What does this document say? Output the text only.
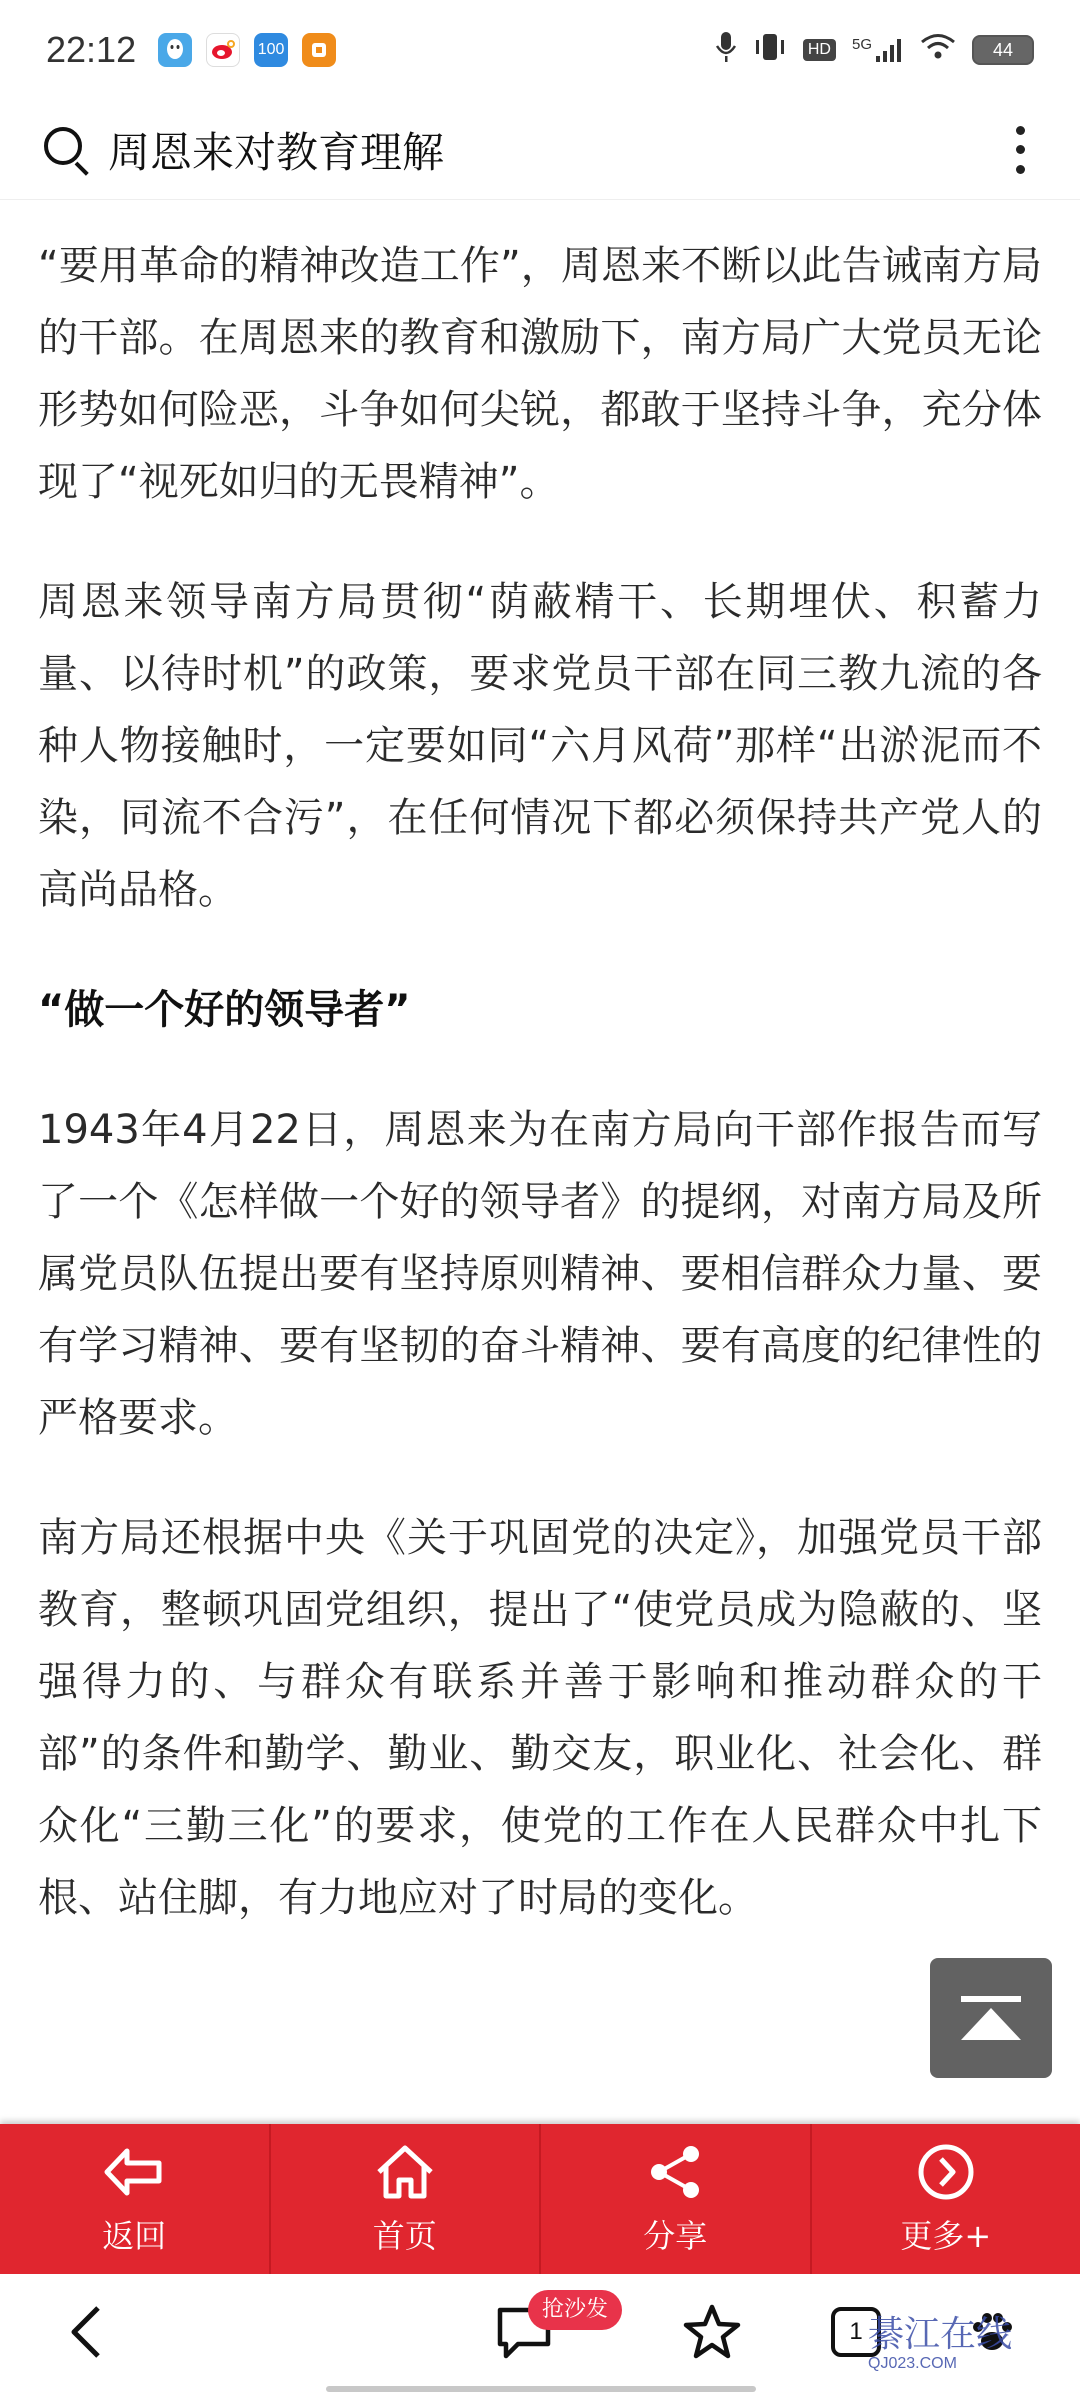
22:12	100	HD	5G	44
周恩来对教育理解

“要用革命的精神改造工作”，周恩来不断以此告诫南方局的干部。在周恩来的教育和激励下，南方局广大党员无论形势如何险恶，斗争如何尖锐，都敢于坚持斗争，充分体现了“视死如归的无畏精神”。

周恩来领导南方局贯彻“荫蔽精干、长期埋伏、积蓄力量、以待时机”的政策，要求党员干部在同三教九流的各种人物接触时，一定要如同“六月风荷”那样“出淤泥而不染，同流不合污”，在任何情况下都必须保持共产党人的高尚品格。

“做一个好的领导者”

1943年4月22日，周恩来为在南方局向干部作报告而写了一个《怎样做一个好的领导者》的提纲，对南方局及所属党员队伍提出要有坚持原则精神、要相信群众力量、要有学习精神、要有坚韧的奋斗精神、要有高度的纪律性的严格要求。

南方局还根据中央《关于巩固党的决定》，加强党员干部教育，整顿巩固党组织，提出了“使党员成为隐蔽的、坚强得力的、与群众有联系并善于影响和推动群众的干部”的条件和勤学、勤业、勤交友，职业化、社会化、群众化“三勤三化”的要求，使党的工作在人民群众中扎下根、站住脚，有力地应对了时局的变化。

返回	首页	分享	更多+
抢沙发
1 綦江在线
QJ023.COM
